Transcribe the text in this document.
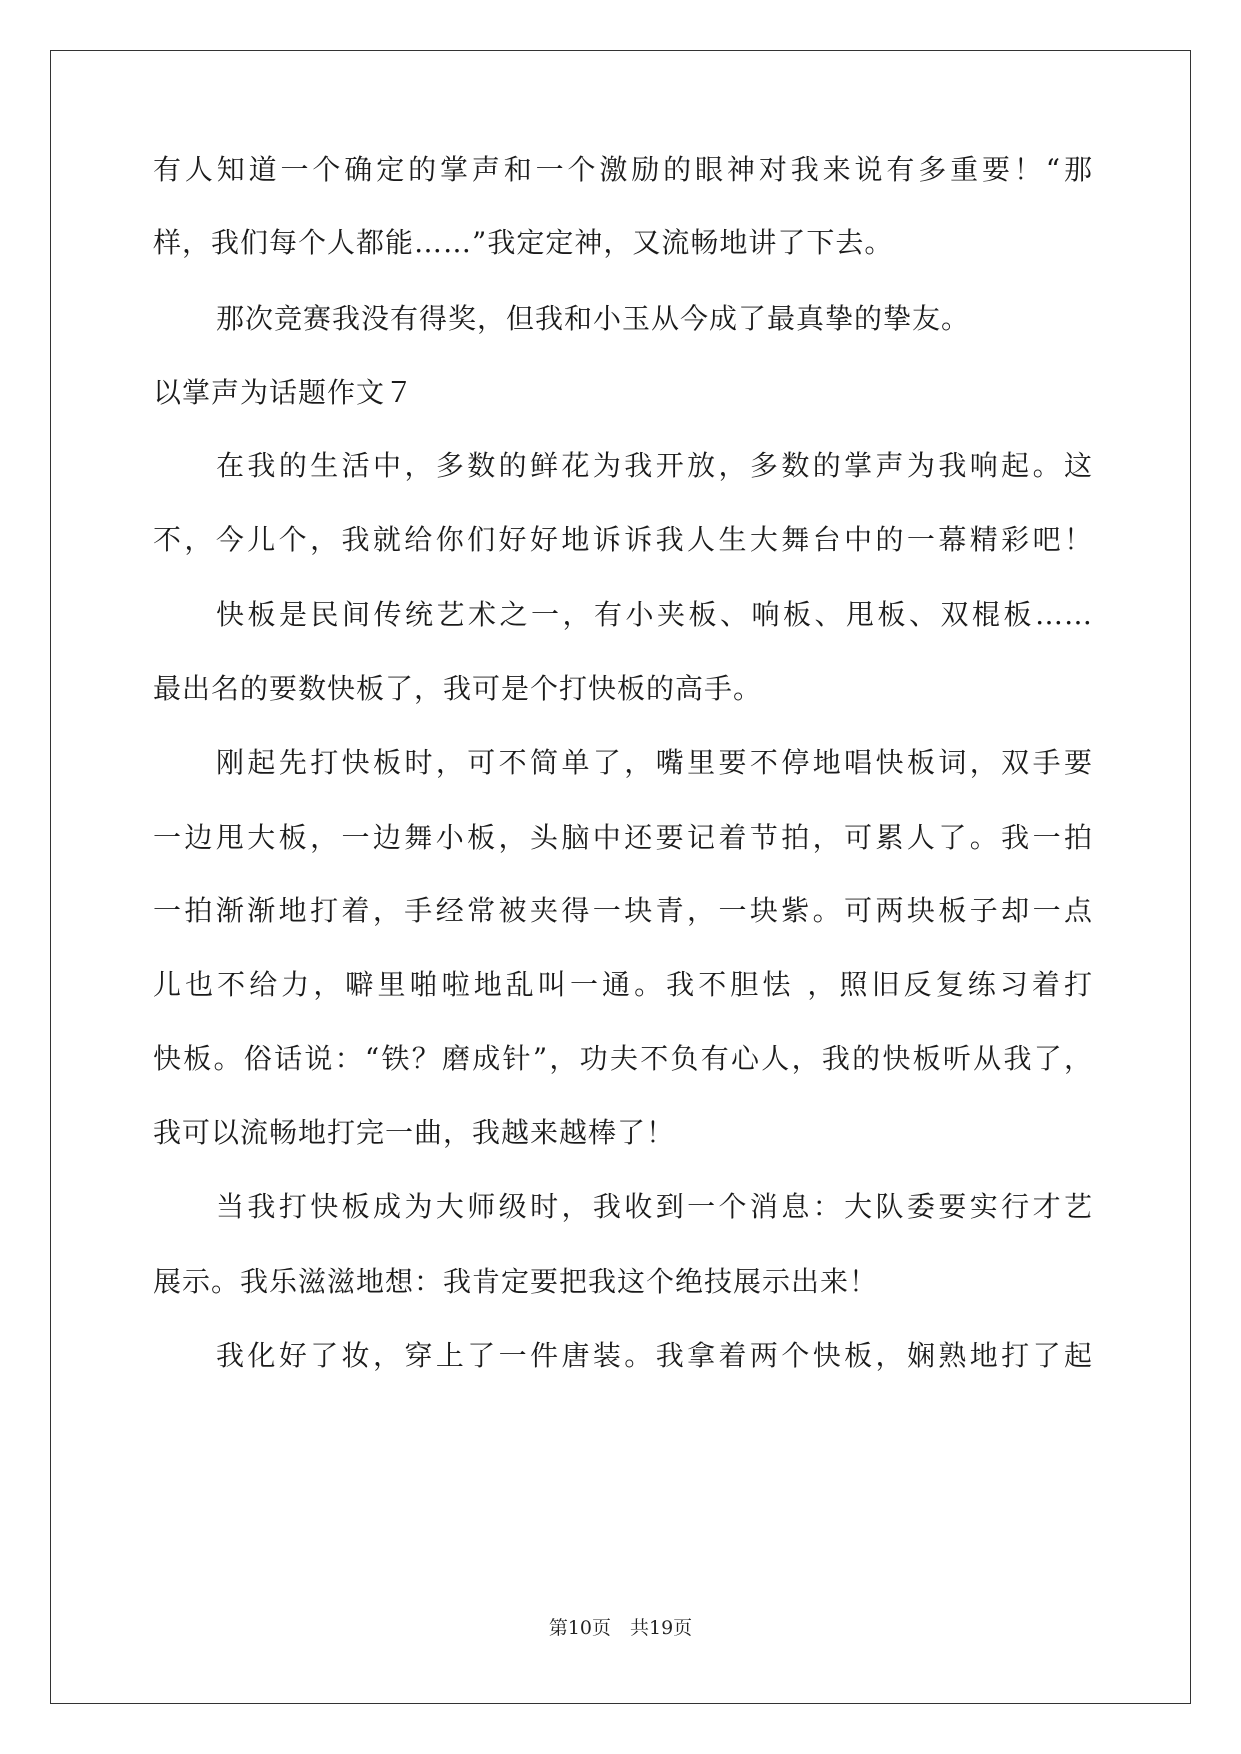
有人知道一个确定的掌声和一个激励的眼神对我来说有多重要！“那
样，我们每个人都能……”我定定神，又流畅地讲了下去。
那次竞赛我没有得奖，但我和小玉从今成了最真挚的挚友。
以掌声为话题作文７
在我的生活中，多数的鲜花为我开放，多数的掌声为我响起。这
不，今儿个，我就给你们好好地诉诉我人生大舞台中的一幕精彩吧！
快板是民间传统艺术之一，有小夹板、响板、甩板、双棍板……
最出名的要数快板了，我可是个打快板的高手。
刚起先打快板时，可不简单了，嘴里要不停地唱快板词，双手要
一边甩大板，一边舞小板，头脑中还要记着节拍，可累人了。我一拍
一拍渐渐地打着，手经常被夹得一块青，一块紫。可两块板子却一点
儿也不给力，噼里啪啦地乱叫一通。我不胆怯 ，照旧反复练习着打
快板。俗话说：“铁？磨成针”，功夫不负有心人，我的快板听从我了，
我可以流畅地打完一曲，我越来越棒了！
当我打快板成为大师级时，我收到一个消息：大队委要实行才艺
展示。我乐滋滋地想：我肯定要把我这个绝技展示出来！
我化好了妆，穿上了一件唐装。我拿着两个快板，娴熟地打了起
第10页　共19页
